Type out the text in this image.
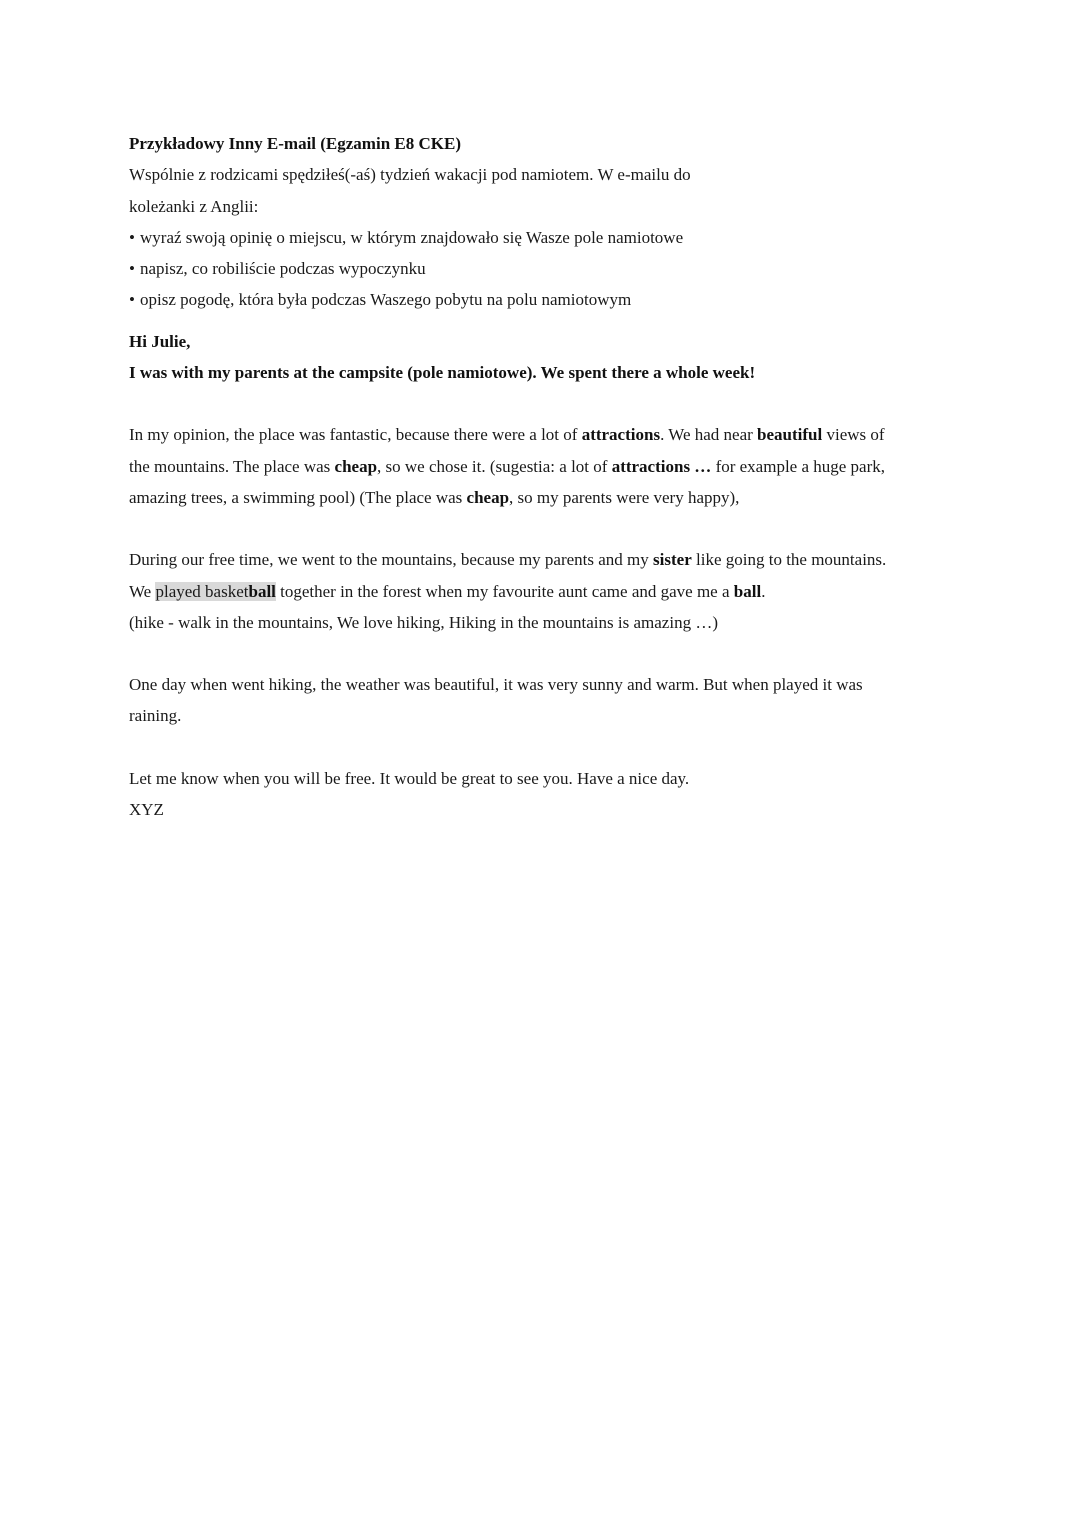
Przykładowy Inny E-mail (Egzamin E8 CKE)
Wspólnie z rodzicami spędziłeś(-aś) tydzień wakacji pod namiotem. W e-mailu do
koleżanki z Anglii:
• wyraź swoją opinię o miejscu, w którym znajdowało się Wasze pole namiotowe
• napisz, co robiliście podczas wypoczynku
• opisz pogodę, która była podczas Waszego pobytu na polu namiotowym
Hi Julie,
I was with my parents at the campsite (pole namiotowe). We spent there a whole week!
In my opinion, the place was fantastic, because there were a lot of attractions. We had near beautiful views of
the mountains. The place was cheap, so we chose it. (sugestia: a lot of attractions … for example a huge park,
amazing trees, a swimming pool) (The place was cheap, so my parents were very happy),
During our free time, we went to the mountains, because my parents and my sister like going to the mountains.
We played basketball together in the forest when my favourite aunt came and gave me a ball.
(hike - walk in the mountains, We love hiking, Hiking in the mountains is amazing …)
One day when went hiking, the weather was beautiful, it was very sunny and warm. But when played it was
raining.
Let me know when you will be free. It would be great to see you. Have a nice day.
XYZ
